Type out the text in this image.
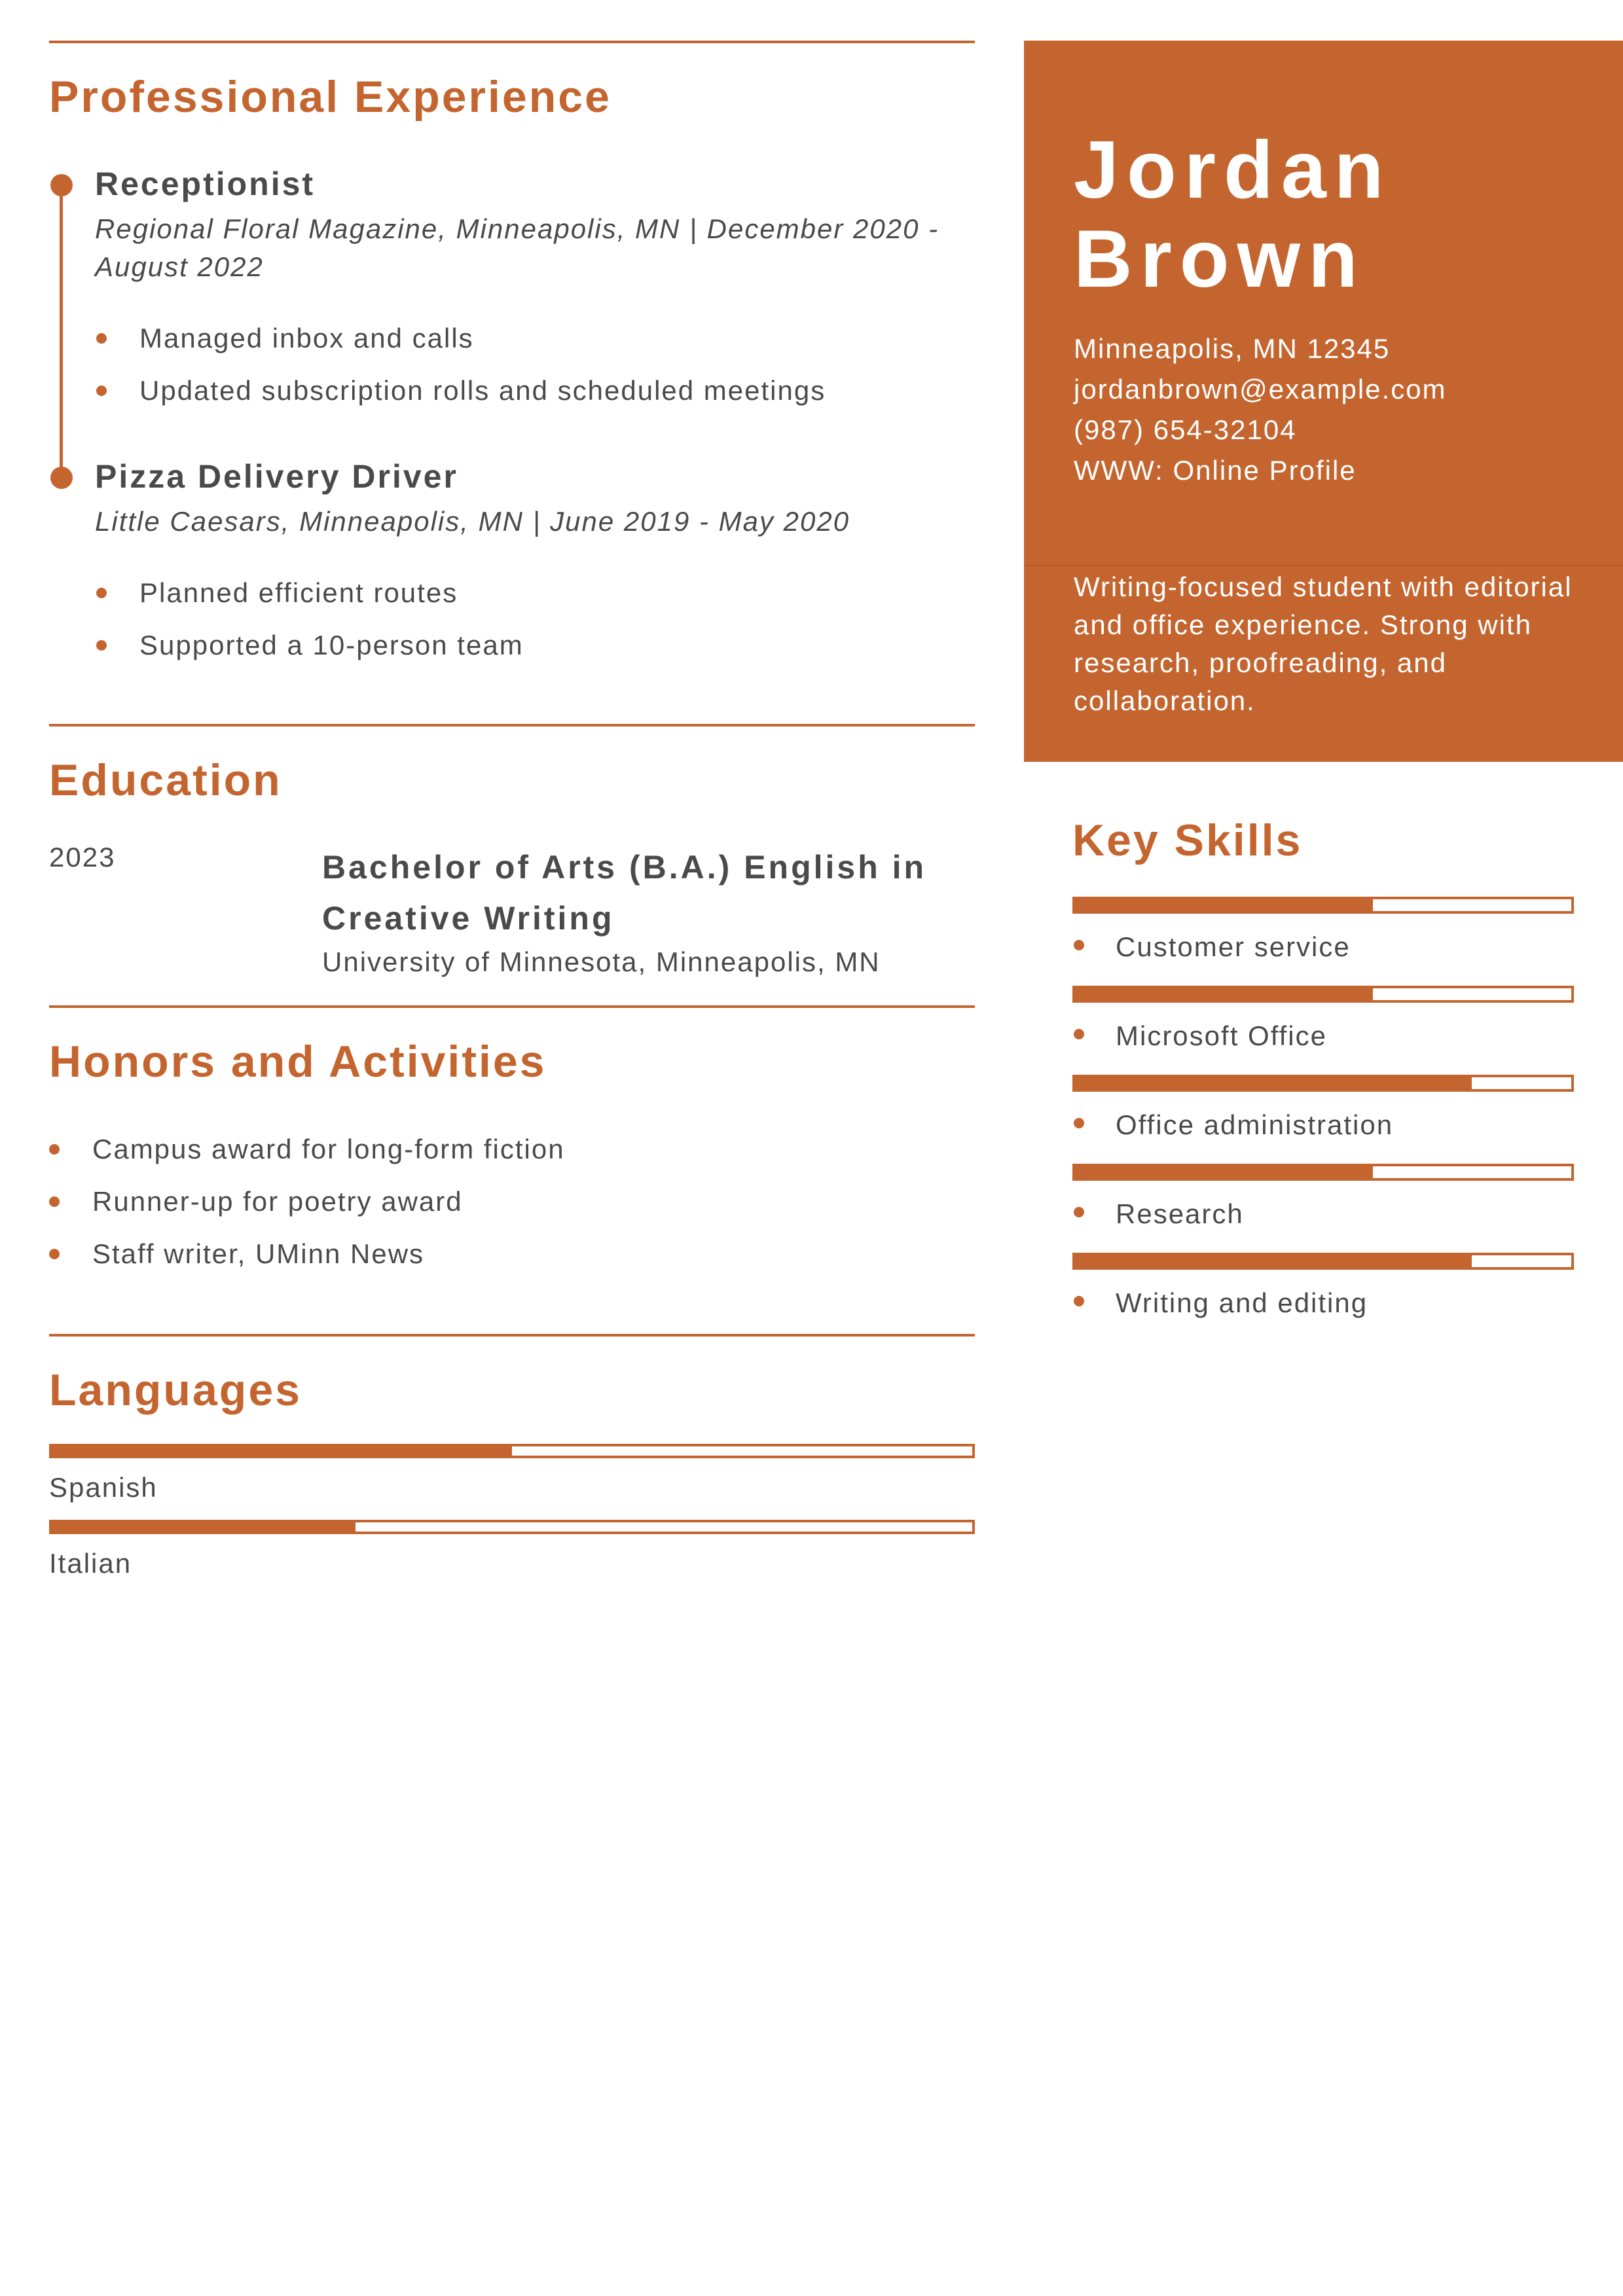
Professional Experience
Receptionist
Regional Floral Magazine, Minneapolis, MN | December 2020 - August 2022
Managed inbox and calls
Updated subscription rolls and scheduled meetings
Pizza Delivery Driver
Little Caesars, Minneapolis, MN | June 2019 - May 2020
Planned efficient routes
Supported a 10-person team
Education
2023	Bachelor of Arts (B.A.) English in Creative Writing
University of Minnesota, Minneapolis, MN
Honors and Activities
Campus award for long-form fiction
Runner-up for poetry award
Staff writer, UMinn News
Languages
Spanish
Italian
Jordan
Brown
Minneapolis, MN 12345
jordanbrown@example.com
(987) 654-32104
WWW: Online Profile
Writing-focused student with editorial and office experience. Strong with research, proofreading, and collaboration.
Key Skills
Customer service
Microsoft Office
Office administration
Research
Writing and editing
